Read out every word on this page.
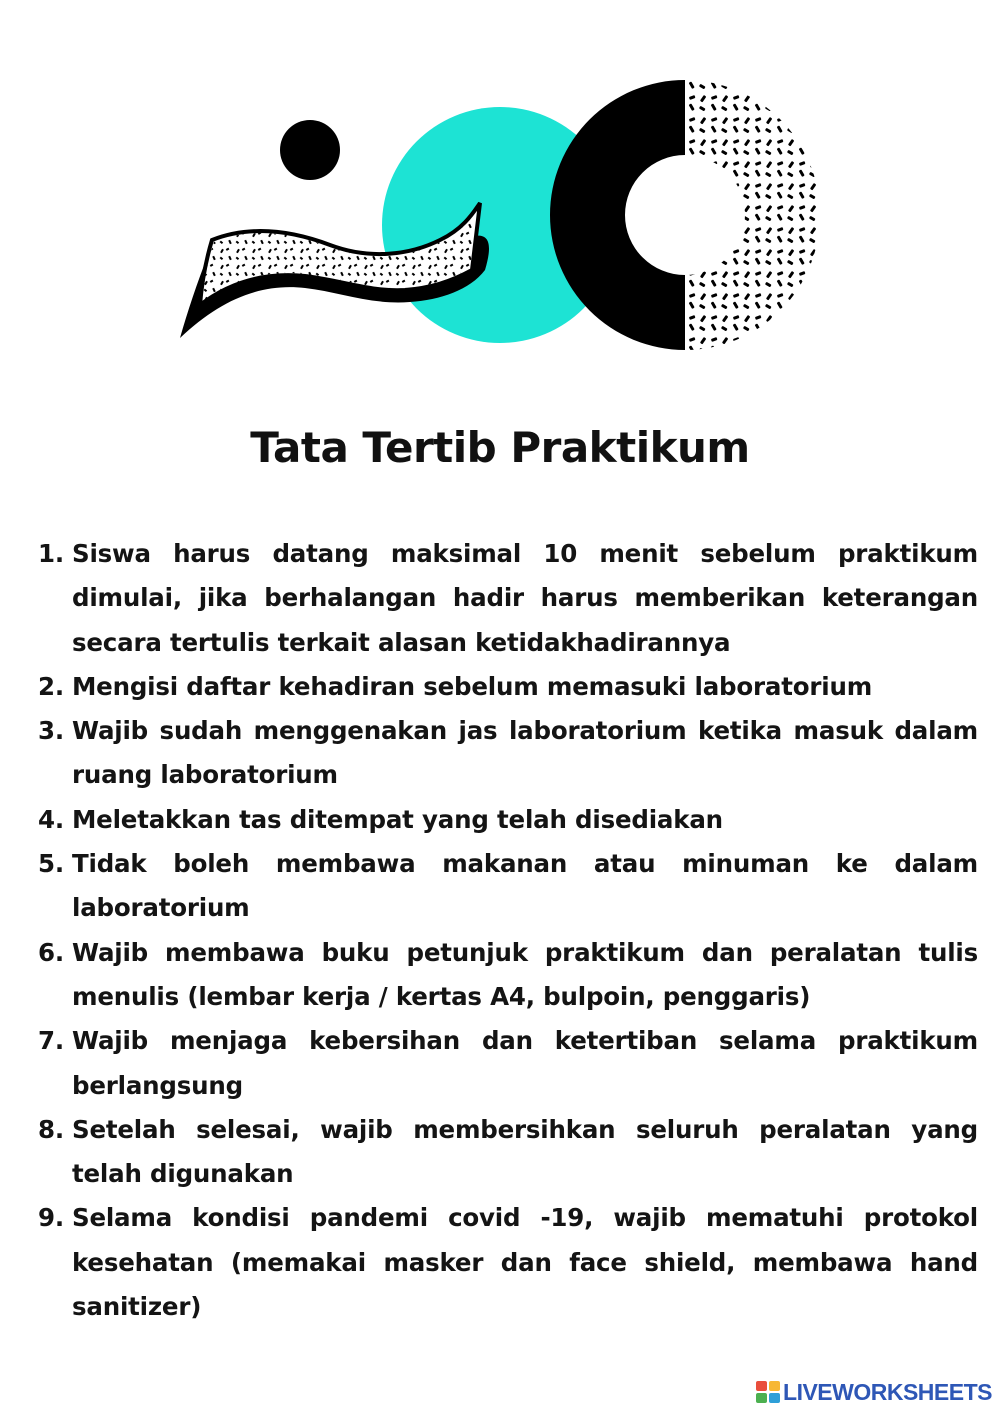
Tata Tertib Praktikum
1. Siswa harus datang maksimal 10 menit sebelum praktikum dimulai, jika berhalangan hadir harus memberikan keterangan secara tertulis terkait alasan ketidakhadirannya
2. Mengisi daftar kehadiran sebelum memasuki laboratorium
3. Wajib sudah menggenakan jas laboratorium ketika masuk dalam ruang laboratorium
4. Meletakkan tas ditempat yang telah disediakan
5. Tidak boleh membawa makanan atau minuman ke dalam laboratorium
6. Wajib membawa buku petunjuk praktikum dan peralatan tulis menulis (lembar kerja / kertas A4, bulpoin, penggaris)
7. Wajib menjaga kebersihan dan ketertiban selama praktikum berlangsung
8. Setelah selesai, wajib membersihkan seluruh peralatan yang telah digunakan
9. Selama kondisi pandemi covid -19, wajib mematuhi protokol kesehatan (memakai masker dan face shield, membawa hand sanitizer)
LIVEWORKSHEETS
